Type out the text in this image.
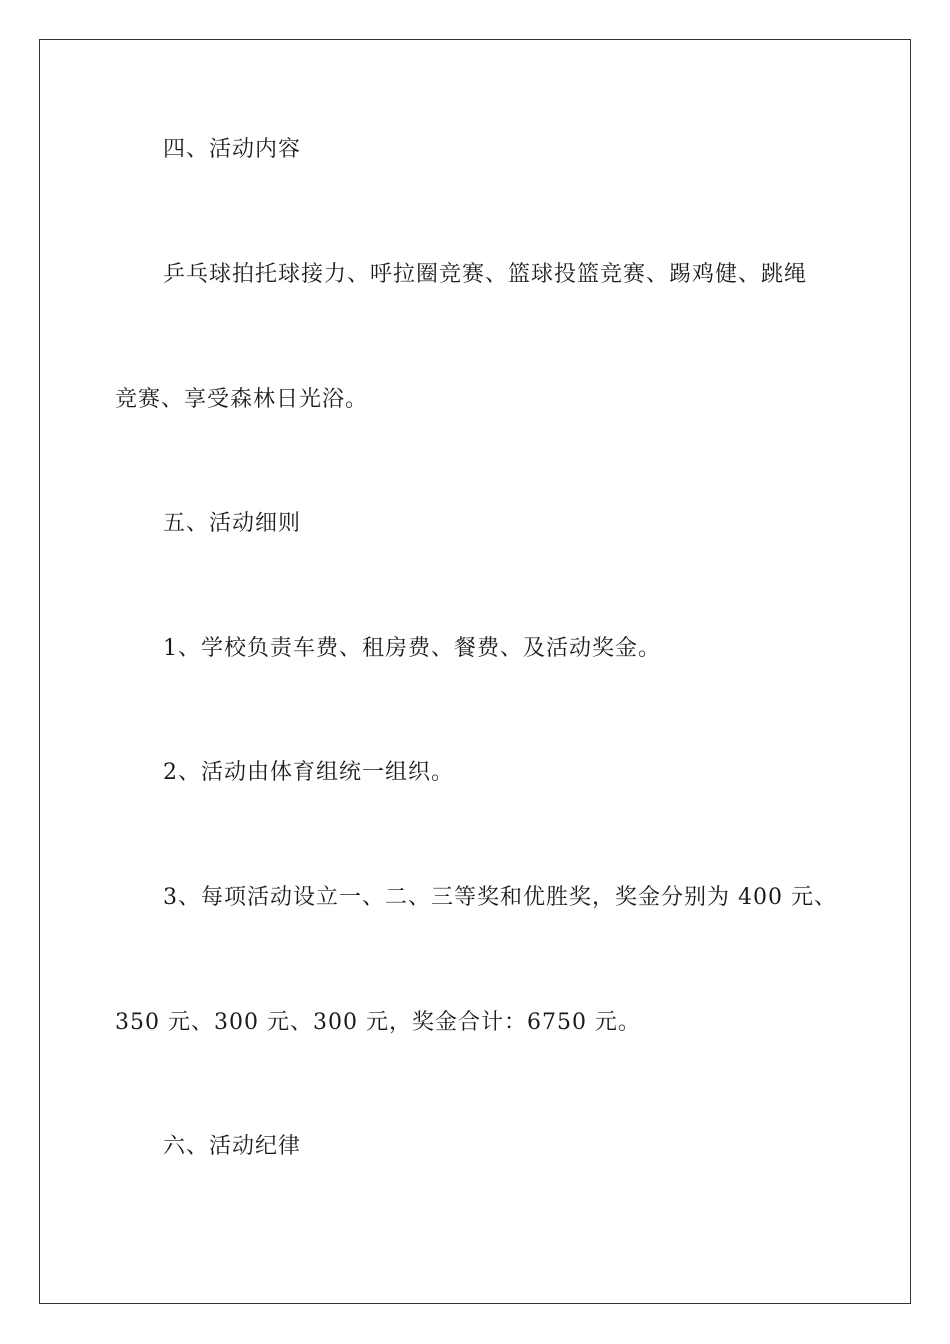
四、活动内容
乒乓球拍托球接力、呼拉圈竞赛、篮球投篮竞赛、踢鸡健、跳绳
竞赛、享受森林日光浴。
五、活动细则
1、学校负责车费、租房费、餐费、及活动奖金。
2、活动由体育组统一组织。
3、每项活动设立一、二、三等奖和优胜奖，奖金分别为 400 元、
350 元、300 元、300 元，奖金合计：6750 元。
六、活动纪律
